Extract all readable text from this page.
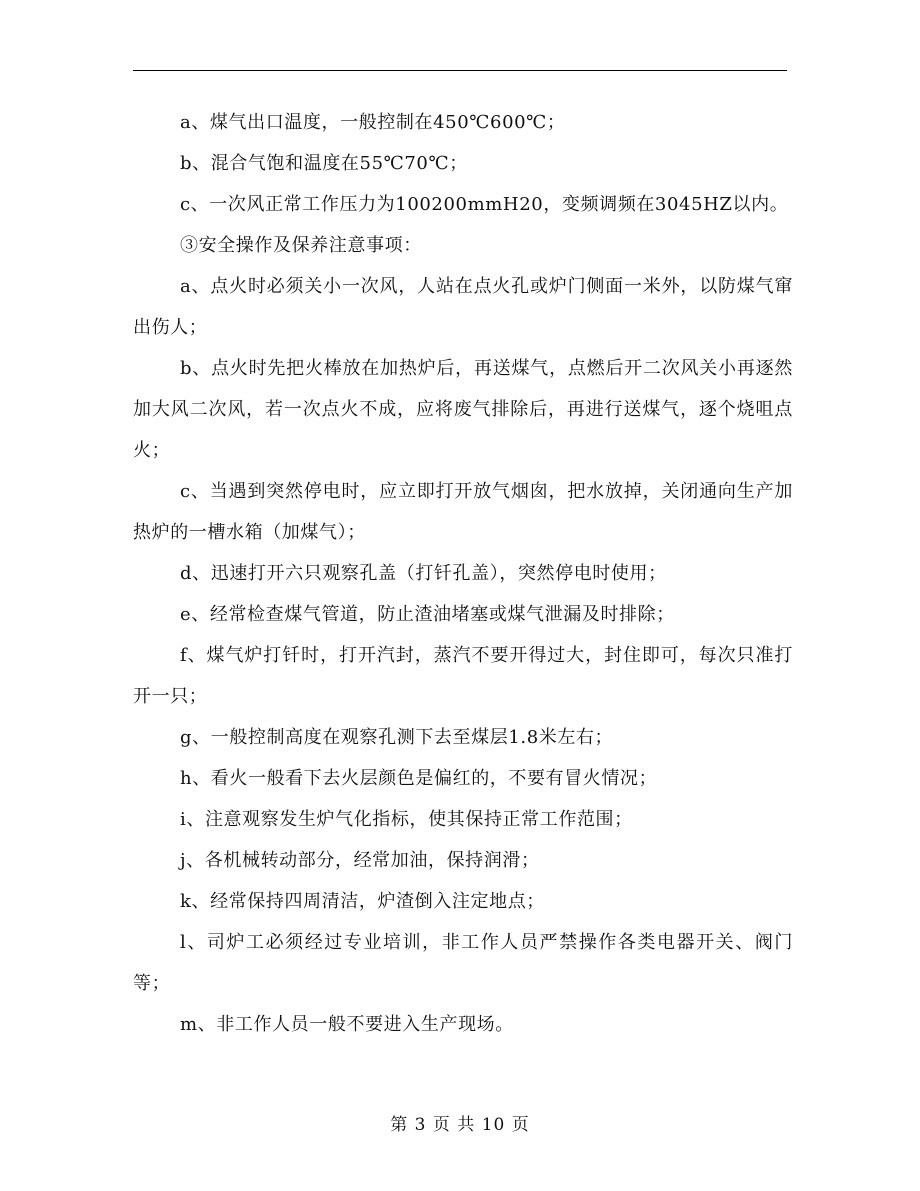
a、煤气出口温度，一般控制在450℃600℃；

b、混合气饱和温度在55℃70℃；

c、一次风正常工作压力为100200mmH20，变频调频在3045HZ以内。

③安全操作及保养注意事项：

a、点火时必须关小一次风，人站在点火孔或炉门侧面一米外，以防煤气窜出伤人；

b、点火时先把火棒放在加热炉后，再送煤气，点燃后开二次风关小再逐然加大风二次风，若一次点火不成，应将废气排除后，再进行送煤气，逐个烧咀点火；

c、当遇到突然停电时，应立即打开放气烟囱，把水放掉，关闭通向生产加热炉的一槽水箱（加煤气）；

d、迅速打开六只观察孔盖（打钎孔盖），突然停电时使用；

e、经常检查煤气管道，防止渣油堵塞或煤气泄漏及时排除；

f、煤气炉打钎时，打开汽封，蒸汽不要开得过大，封住即可，每次只准打开一只；

g、一般控制高度在观察孔测下去至煤层1.8米左右；

h、看火一般看下去火层颜色是偏红的，不要有冒火情况；

i、注意观察发生炉气化指标，使其保持正常工作范围；

j、各机械转动部分，经常加油，保持润滑；

k、经常保持四周清洁，炉渣倒入注定地点；

l、司炉工必须经过专业培训，非工作人员严禁操作各类电器开关、阀门等；

m、非工作人员一般不要进入生产现场。

第 3 页 共 10 页
